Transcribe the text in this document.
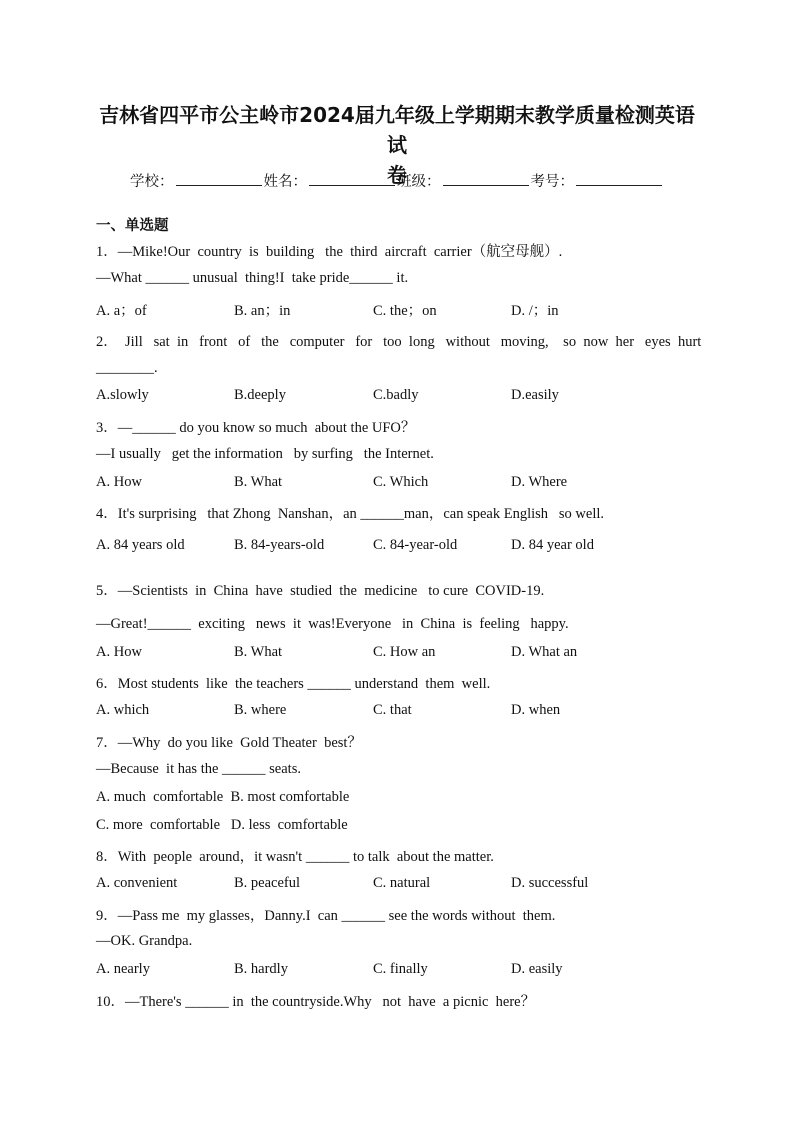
吉林省四平市公主岭市2024届九年级上学期期末教学质量检测英语试
卷
学校：	姓名：	班级：	考号：
一、单选题
1．—Mike!Our  country  is  building   the  third  aircraft  carrier（航空母舰）.
—What ______ unusual  thing!I  take pride______ it.
A. a；of	B. an；in	C. the；on	D. /；in
2．  Jill   sat  in   front   of   the   computer   for   too  long   without   moving,    so  now  her   eyes  hurt
________.
A.slowly	B.deeply	C.badly	D.easily
3．—______ do you know so much  about the UFO？
—I usually   get the information   by surfing   the Internet.
A. How	B. What	C. Which	D. Where
4．It's surprising   that Zhong  Nanshan，an ______man，can speak English   so well.
A. 84 years old	B. 84-years-old	C. 84-year-old	D. 84 year old
5．—Scientists  in  China  have  studied  the  medicine   to cure  COVID-19.
—Great!______  exciting   news  it  was!Everyone   in  China  is  feeling   happy.
A. How	B. What	C. How an	D. What an
6．Most students  like  the teachers ______ understand  them  well.
A. which	B. where	C. that	D. when
7．—Why  do you like  Gold Theater  best？
—Because  it has the ______ seats.
A. much  comfortable  B. most comfortable
C. more  comfortable   D. less  comfortable
8．With  people  around，it wasn't ______ to talk  about the matter.
A. convenient	B. peaceful	C. natural	D. successful
9．—Pass me  my glasses，Danny.I  can ______ see the words without  them.
—OK. Grandpa.
A. nearly	B. hardly	C. finally	D. easily
10．—There's ______ in  the countryside.Why   not  have  a picnic  here？
